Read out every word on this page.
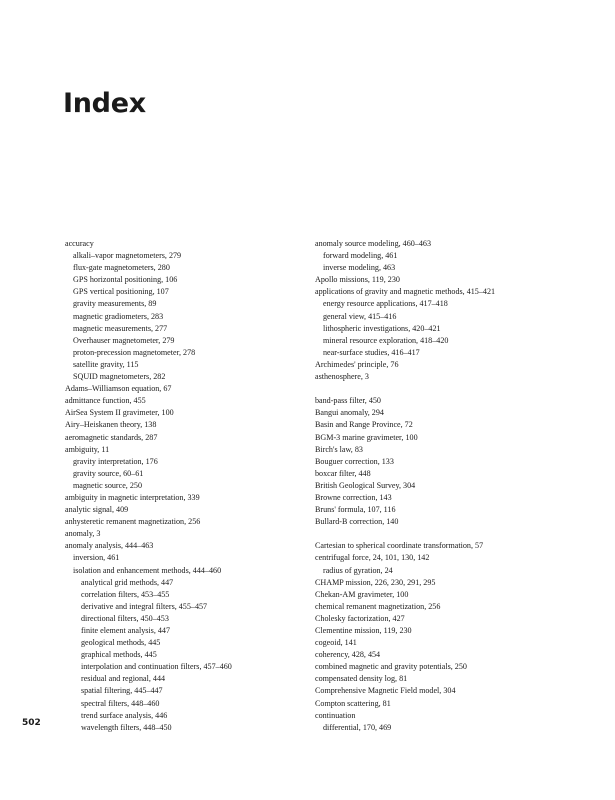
Index
accuracy
alkali–vapor magnetometers, 279
flux-gate magnetometers, 280
GPS horizontal positioning, 106
GPS vertical positioning, 107
gravity measurements, 89
magnetic gradiometers, 283
magnetic measurements, 277
Overhauser magnetometer, 279
proton-precession magnetometer, 278
satellite gravity, 115
SQUID magnetometers, 282
Adams–Williamson equation, 67
admittance function, 455
AirSea System II gravimeter, 100
Airy–Heiskanen theory, 138
aeromagnetic standards, 287
ambiguity, 11
gravity interpretation, 176
gravity source, 60–61
magnetic source, 250
ambiguity in magnetic interpretation, 339
analytic signal, 409
anhysteretic remanent magnetization, 256
anomaly, 3
anomaly analysis, 444–463
inversion, 461
isolation and enhancement methods, 444–460
analytical grid methods, 447
correlation filters, 453–455
derivative and integral filters, 455–457
directional filters, 450–453
finite element analysis, 447
geological methods, 445
graphical methods, 445
interpolation and continuation filters, 457–460
residual and regional, 444
spatial filtering, 445–447
spectral filters, 448–460
trend surface analysis, 446
wavelength filters, 448–450
anomaly source modeling, 460–463
forward modeling, 461
inverse modeling, 463
Apollo missions, 119, 230
applications of gravity and magnetic methods, 415–421
energy resource applications, 417–418
general view, 415–416
lithospheric investigations, 420–421
mineral resource exploration, 418–420
near-surface studies, 416–417
Archimedes' principle, 76
asthenosphere, 3
band-pass filter, 450
Bangui anomaly, 294
Basin and Range Province, 72
BGM-3 marine gravimeter, 100
Birch's law, 83
Bouguer correction, 133
boxcar filter, 448
British Geological Survey, 304
Browne correction, 143
Bruns' formula, 107, 116
Bullard-B correction, 140
Cartesian to spherical coordinate transformation, 57
centrifugal force, 24, 101, 130, 142
radius of gyration, 24
CHAMP mission, 226, 230, 291, 295
Chekan-AM gravimeter, 100
chemical remanent magnetization, 256
Cholesky factorization, 427
Clementine mission, 119, 230
cogeoid, 141
coherency, 428, 454
combined magnetic and gravity potentials, 250
compensated density log, 81
Comprehensive Magnetic Field model, 304
Compton scattering, 81
continuation
differential, 170, 469

502
